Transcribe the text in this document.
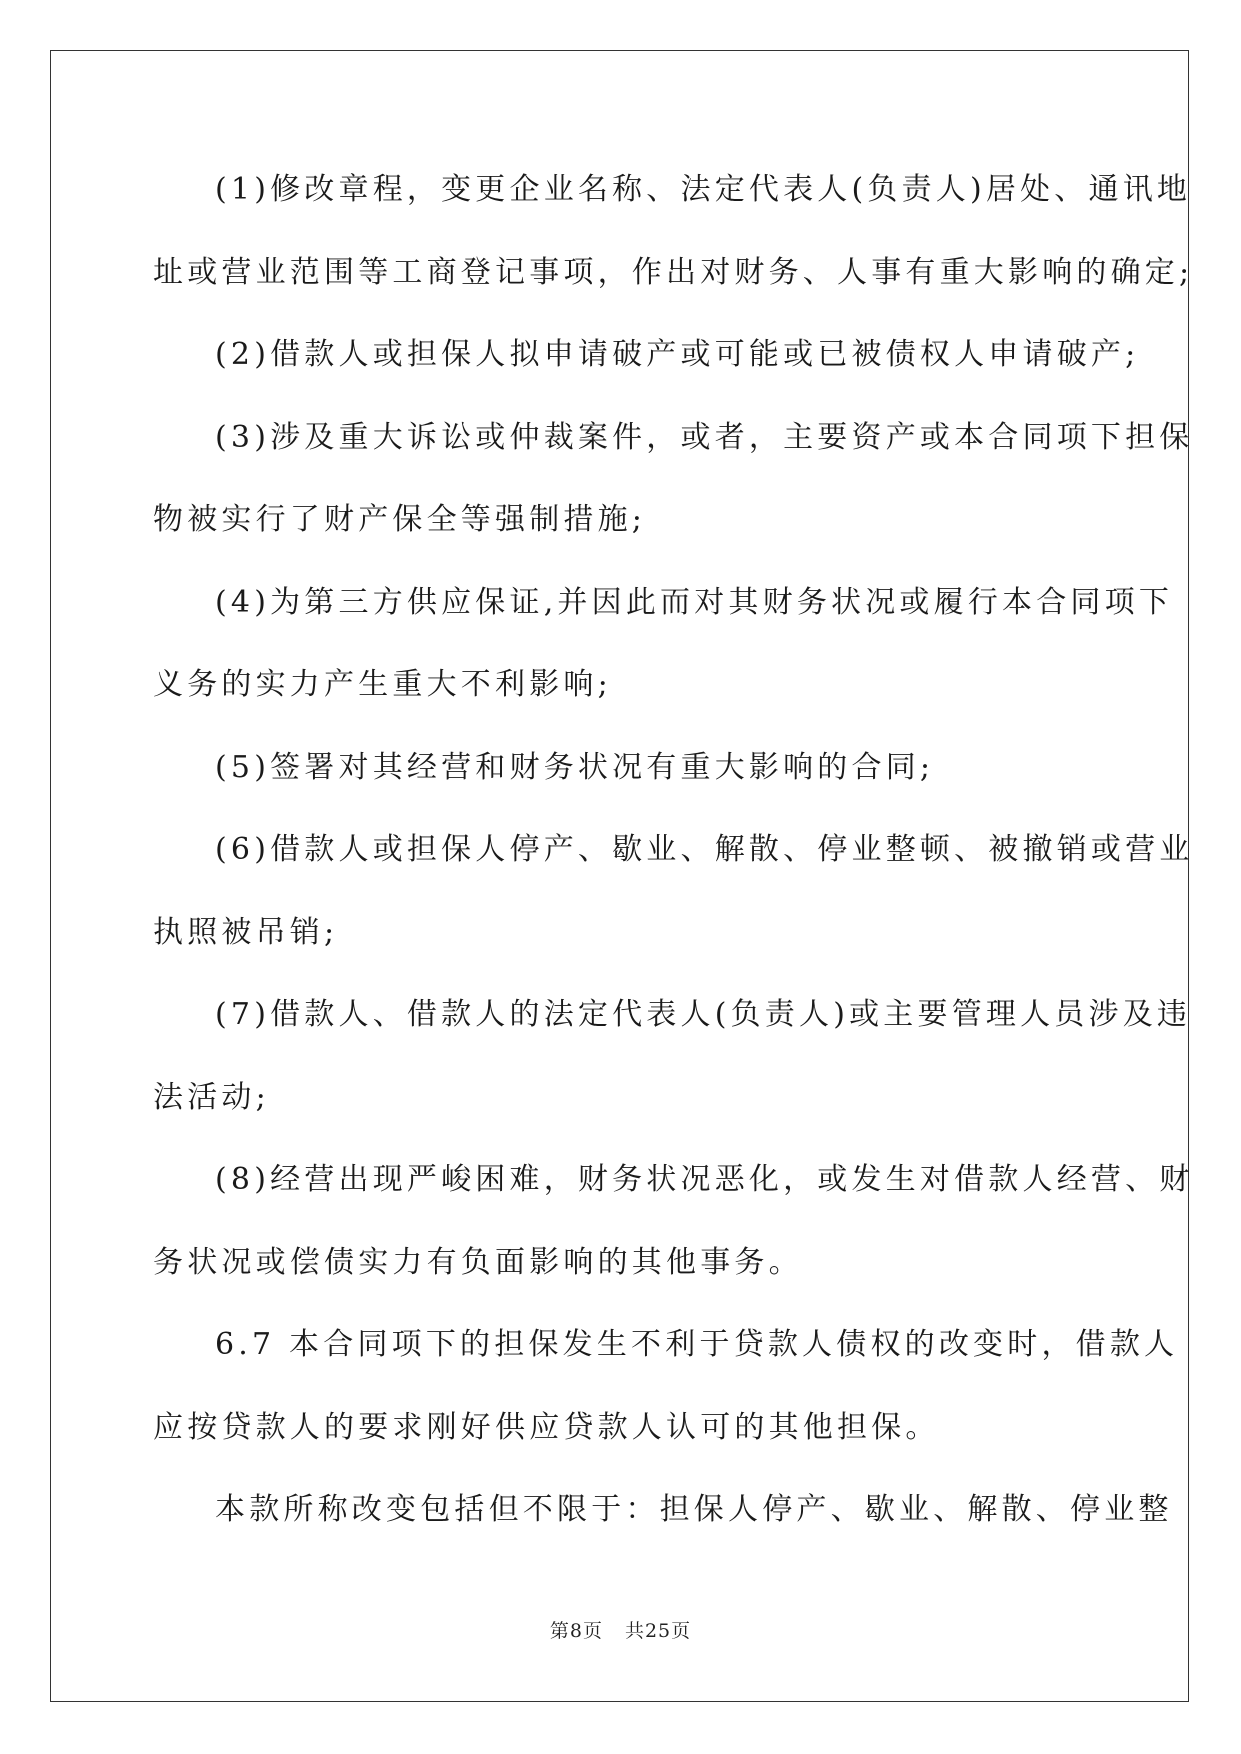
(1)修改章程，变更企业名称、法定代表人(负责人)居处、通讯地
址或营业范围等工商登记事项，作出对财务、人事有重大影响的确定;
(2)借款人或担保人拟申请破产或可能或已被债权人申请破产;
(3)涉及重大诉讼或仲裁案件，或者，主要资产或本合同项下担保
物被实行了财产保全等强制措施;
(4)为第三方供应保证,并因此而对其财务状况或履行本合同项下
义务的实力产生重大不利影响;
(5)签署对其经营和财务状况有重大影响的合同;
(6)借款人或担保人停产、歇业、解散、停业整顿、被撤销或营业
执照被吊销;
(7)借款人、借款人的法定代表人(负责人)或主要管理人员涉及违
法活动;
(8)经营出现严峻困难，财务状况恶化，或发生对借款人经营、财
务状况或偿债实力有负面影响的其他事务。
6.7 本合同项下的担保发生不利于贷款人债权的改变时，借款人
应按贷款人的要求刚好供应贷款人认可的其他担保。
本款所称改变包括但不限于：担保人停产、歇业、解散、停业整
第8页 共25页
